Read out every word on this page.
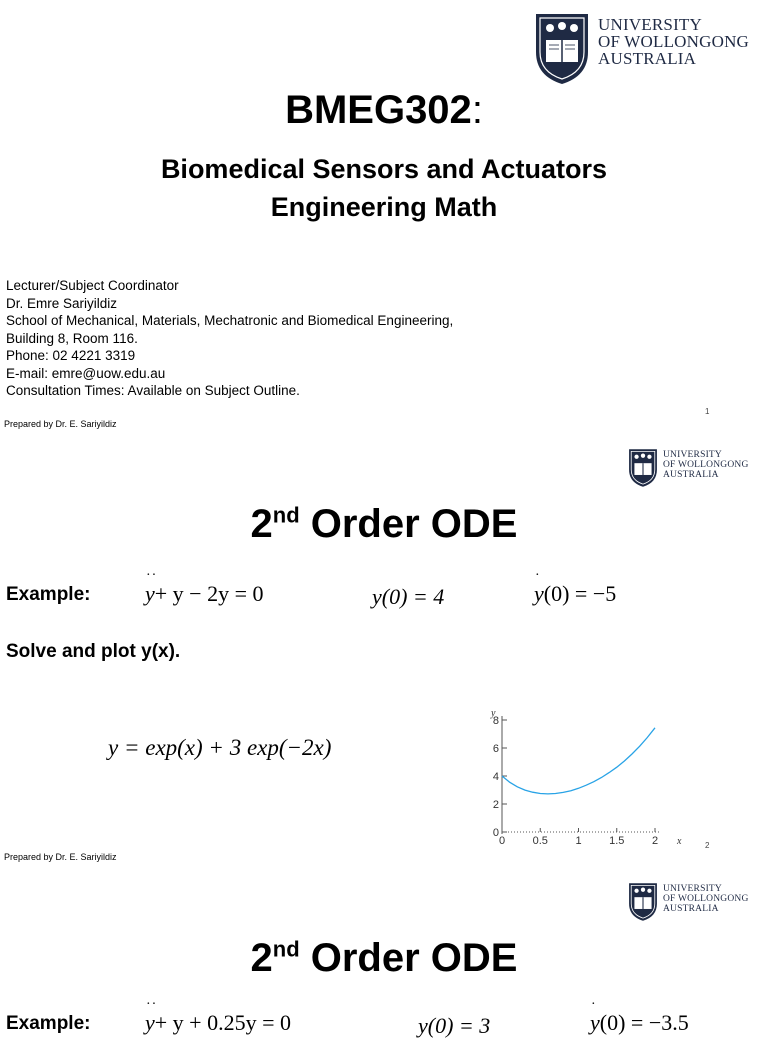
UNIVERSITY
OF WOLLONGONG
AUSTRALIA
BMEG302:
Biomedical Sensors and Actuators
Engineering Math
Lecturer/Subject Coordinator
Dr. Emre Sariyildiz
School of Mechanical, Materials, Mechatronic and Biomedical Engineering,
Building 8, Room 116.
Phone: 02 4221 3319
E-mail: emre@uow.edu.au
Consultation Times: Available on Subject Outline.
Prepared by Dr. E. Sariyildiz
1
UNIVERSITY
OF WOLLONGONG
AUSTRALIA
2nd Order ODE
Example: ·· y+ y − 2y = 0	y(0) = 4	· y(0) = −5
Solve and plot y(x).
y = exp(x) + 3 exp(−2x)
0
2
4
6
8
0	0.5	1	1.5	2
y
x
Prepared by Dr. E. Sariyildiz
2
UNIVERSITY
OF WOLLONGONG
AUSTRALIA
2nd Order ODE
Example: ·· y+ y + 0.25y = 0	y(0) = 3	· y(0) = −3.5
